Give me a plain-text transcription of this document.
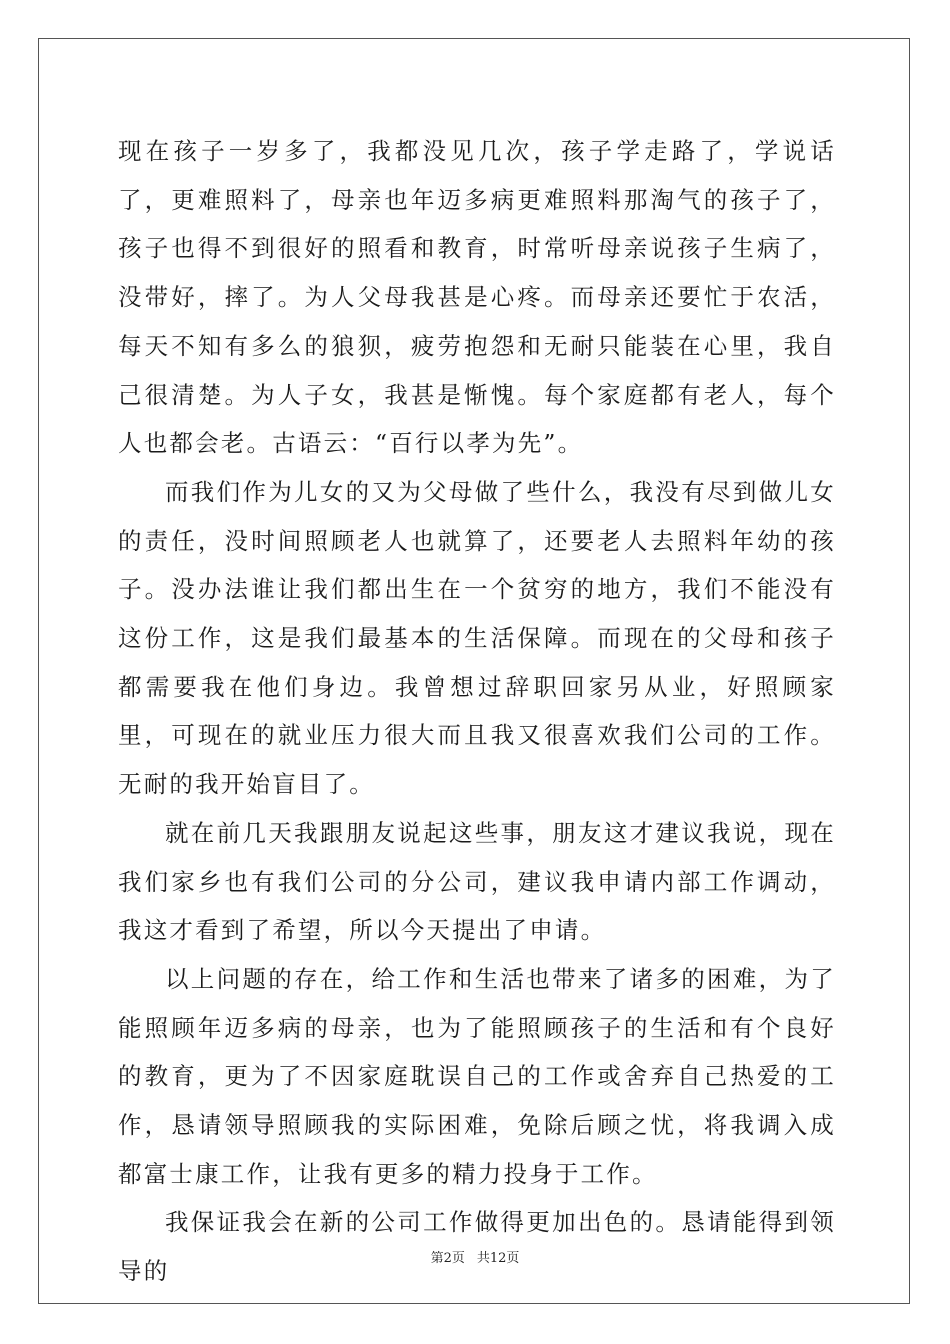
现在孩子一岁多了，我都没见几次，孩子学走路了，学说话了，更难照料了，母亲也年迈多病更难照料那淘气的孩子了，孩子也得不到很好的照看和教育，时常听母亲说孩子生病了，没带好，摔了。为人父母我甚是心疼。而母亲还要忙于农活，每天不知有多么的狼狈，疲劳抱怨和无耐只能装在心里，我自己很清楚。为人子女，我甚是惭愧。每个家庭都有老人，每个人也都会老。古语云：“百行以孝为先”。

而我们作为儿女的又为父母做了些什么，我没有尽到做儿女的责任，没时间照顾老人也就算了，还要老人去照料年幼的孩子。没办法谁让我们都出生在一个贫穷的地方，我们不能没有这份工作，这是我们最基本的生活保障。而现在的父母和孩子都需要我在他们身边。我曾想过辞职回家另从业，好照顾家里，可现在的就业压力很大而且我又很喜欢我们公司的工作。无耐的我开始盲目了。

就在前几天我跟朋友说起这些事，朋友这才建议我说，现在我们家乡也有我们公司的分公司，建议我申请内部工作调动，我这才看到了希望，所以今天提出了申请。

以上问题的存在，给工作和生活也带来了诸多的困难，为了能照顾年迈多病的母亲，也为了能照顾孩子的生活和有个良好的教育，更为了不因家庭耽误自己的工作或舍弃自己热爱的工作，恳请领导照顾我的实际困难，免除后顾之忧，将我调入成都富士康工作，让我有更多的精力投身于工作。

我保证我会在新的公司工作做得更加出色的。恳请能得到领导的	第2页 共12页
